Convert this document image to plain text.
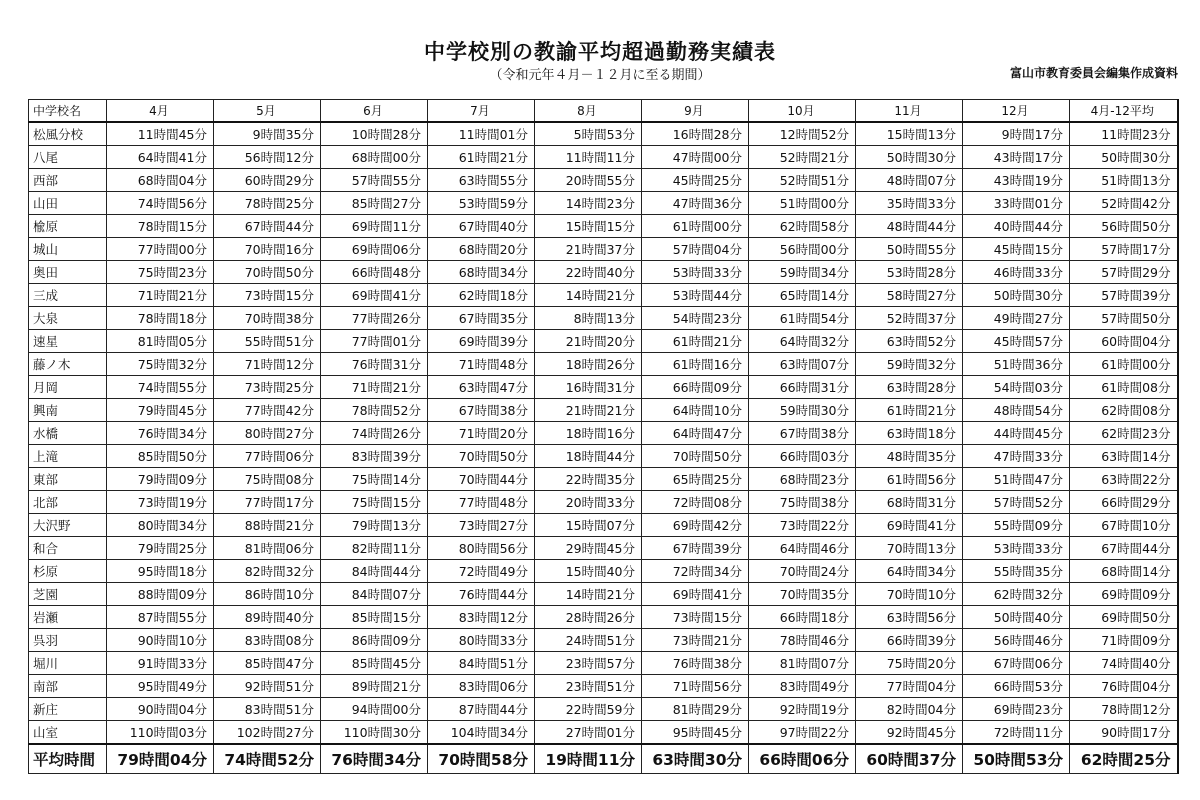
中学校別の教諭平均超過勤務実績表
（令和元年４月－１２月に至る期間）	富山市教育委員会編集作成資料
中学校名	4月	5月	6月	7月	8月	9月	10月	11月	12月	4月-12平均
松風分校	11時間45分	9時間35分	10時間28分	11時間01分	5時間53分	16時間28分	12時間52分	15時間13分	9時間17分	11時間23分
八尾	64時間41分	56時間12分	68時間00分	61時間21分	11時間11分	47時間00分	52時間21分	50時間30分	43時間17分	50時間30分
西部	68時間04分	60時間29分	57時間55分	63時間55分	20時間55分	45時間25分	52時間51分	48時間07分	43時間19分	51時間13分
山田	74時間56分	78時間25分	85時間27分	53時間59分	14時間23分	47時間36分	51時間00分	35時間33分	33時間01分	52時間42分
楡原	78時間15分	67時間44分	69時間11分	67時間40分	15時間15分	61時間00分	62時間58分	48時間44分	40時間44分	56時間50分
城山	77時間00分	70時間16分	69時間06分	68時間20分	21時間37分	57時間04分	56時間00分	50時間55分	45時間15分	57時間17分
奥田	75時間23分	70時間50分	66時間48分	68時間34分	22時間40分	53時間33分	59時間34分	53時間28分	46時間33分	57時間29分
三成	71時間21分	73時間15分	69時間41分	62時間18分	14時間21分	53時間44分	65時間14分	58時間27分	50時間30分	57時間39分
大泉	78時間18分	70時間38分	77時間26分	67時間35分	8時間13分	54時間23分	61時間54分	52時間37分	49時間27分	57時間50分
速星	81時間05分	55時間51分	77時間01分	69時間39分	21時間20分	61時間21分	64時間32分	63時間52分	45時間57分	60時間04分
藤ノ木	75時間32分	71時間12分	76時間31分	71時間48分	18時間26分	61時間16分	63時間07分	59時間32分	51時間36分	61時間00分
月岡	74時間55分	73時間25分	71時間21分	63時間47分	16時間31分	66時間09分	66時間31分	63時間28分	54時間03分	61時間08分
興南	79時間45分	77時間42分	78時間52分	67時間38分	21時間21分	64時間10分	59時間30分	61時間21分	48時間54分	62時間08分
水橋	76時間34分	80時間27分	74時間26分	71時間20分	18時間16分	64時間47分	67時間38分	63時間18分	44時間45分	62時間23分
上滝	85時間50分	77時間06分	83時間39分	70時間50分	18時間44分	70時間50分	66時間03分	48時間35分	47時間33分	63時間14分
東部	79時間09分	75時間08分	75時間14分	70時間44分	22時間35分	65時間25分	68時間23分	61時間56分	51時間47分	63時間22分
北部	73時間19分	77時間17分	75時間15分	77時間48分	20時間33分	72時間08分	75時間38分	68時間31分	57時間52分	66時間29分
大沢野	80時間34分	88時間21分	79時間13分	73時間27分	15時間07分	69時間42分	73時間22分	69時間41分	55時間09分	67時間10分
和合	79時間25分	81時間06分	82時間11分	80時間56分	29時間45分	67時間39分	64時間46分	70時間13分	53時間33分	67時間44分
杉原	95時間18分	82時間32分	84時間44分	72時間49分	15時間40分	72時間34分	70時間24分	64時間34分	55時間35分	68時間14分
芝園	88時間09分	86時間10分	84時間07分	76時間44分	14時間21分	69時間41分	70時間35分	70時間10分	62時間32分	69時間09分
岩瀬	87時間55分	89時間40分	85時間15分	83時間12分	28時間26分	73時間15分	66時間18分	63時間56分	50時間40分	69時間50分
呉羽	90時間10分	83時間08分	86時間09分	80時間33分	24時間51分	73時間21分	78時間46分	66時間39分	56時間46分	71時間09分
堀川	91時間33分	85時間47分	85時間45分	84時間51分	23時間57分	76時間38分	81時間07分	75時間20分	67時間06分	74時間40分
南部	95時間49分	92時間51分	89時間21分	83時間06分	23時間51分	71時間56分	83時間49分	77時間04分	66時間53分	76時間04分
新庄	90時間04分	83時間51分	94時間00分	87時間44分	22時間59分	81時間29分	92時間19分	82時間04分	69時間23分	78時間12分
山室	110時間03分	102時間27分	110時間30分	104時間34分	27時間01分	95時間45分	97時間22分	92時間45分	72時間11分	90時間17分
平均時間	79時間04分	74時間52分	76時間34分	70時間58分	19時間11分	63時間30分	66時間06分	60時間37分	50時間53分	62時間25分
